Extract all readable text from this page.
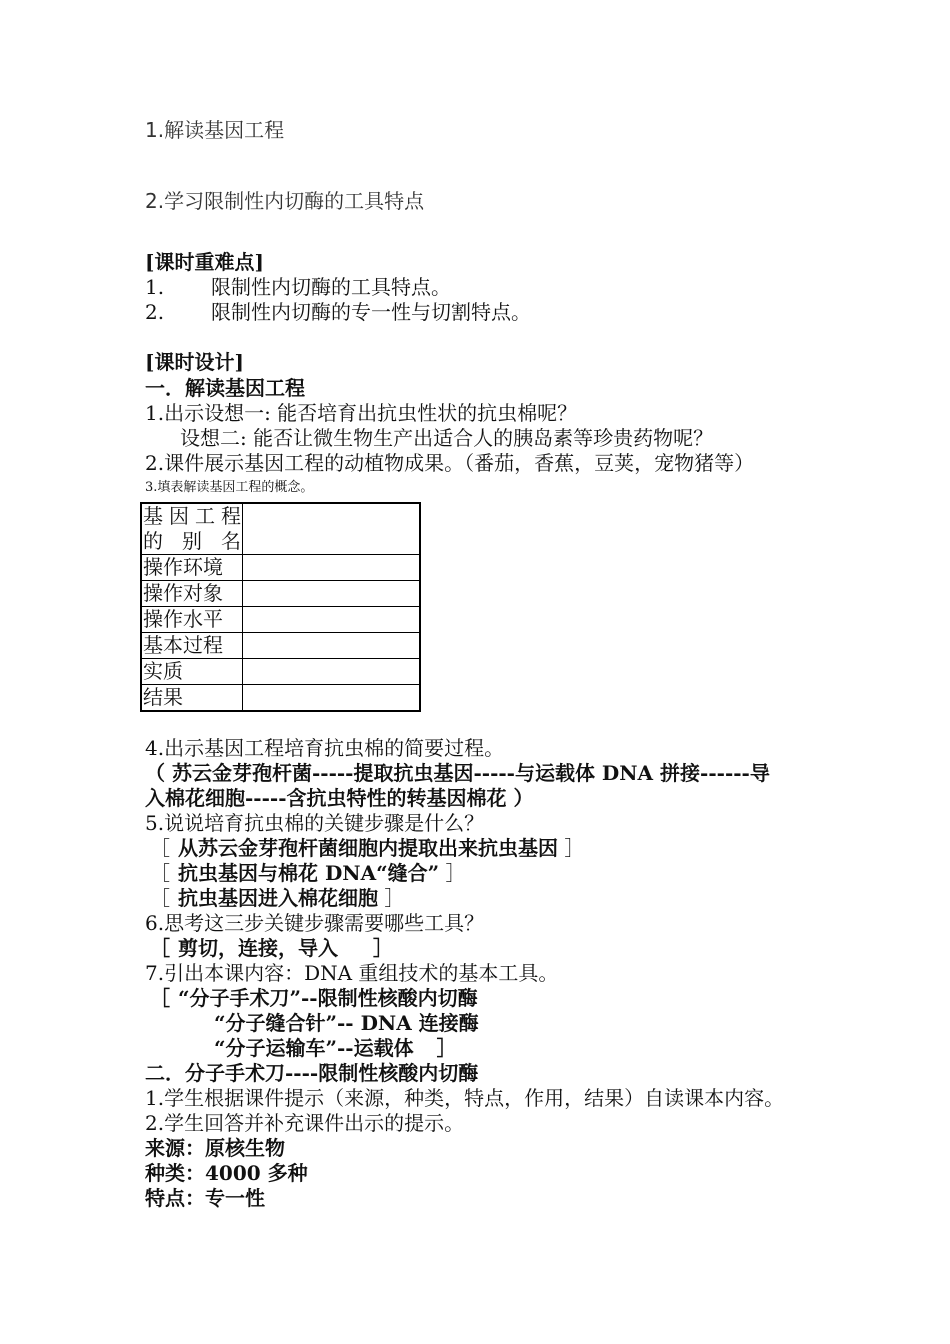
1.解读基因工程
2.学习限制性内切酶的工具特点
[课时重难点]
1. 限制性内切酶的工具特点。
2. 限制性内切酶的专一性与切割特点。
[课时设计]
一．解读基因工程
1.出示设想一: 能否培育出抗虫性状的抗虫棉呢？
设想二: 能否让微生物生产出适合人的胰岛素等珍贵药物呢？
2.课件展示基因工程的动植物成果。（番茄，香蕉，豆荚，宠物猪等）
3.填表解读基因工程的概念。
基因工程的别名	
操作环境	
操作对象	
操作水平	
基本过程	
实质	
结果	
4.出示基因工程培育抗虫棉的简要过程。
（ 苏云金芽孢杆菌-----提取抗虫基因-----与运载体 DNA 拼接------导
入棉花细胞-----含抗虫特性的转基因棉花 ）
5.说说培育抗虫棉的关键步骤是什么？
［ 从苏云金芽孢杆菌细胞内提取出来抗虫基因 ］
［ 抗虫基因与棉花 DNA“缝合” ］
［ 抗虫基因进入棉花细胞 ］
6.思考这三步关键步骤需要哪些工具？
［ 剪切，连接，导入 ］
7.引出本课内容：DNA 重组技术的基本工具。
［ “分子手术刀”--限制性核酸内切酶
“分子缝合针”-- DNA 连接酶
“分子运输车”--运载体 ］
二．分子手术刀----限制性核酸内切酶
1.学生根据课件提示（来源，种类，特点，作用，结果）自读课本内容。
2.学生回答并补充课件出示的提示。
来源：原核生物
种类：4000 多种
特点：专一性
